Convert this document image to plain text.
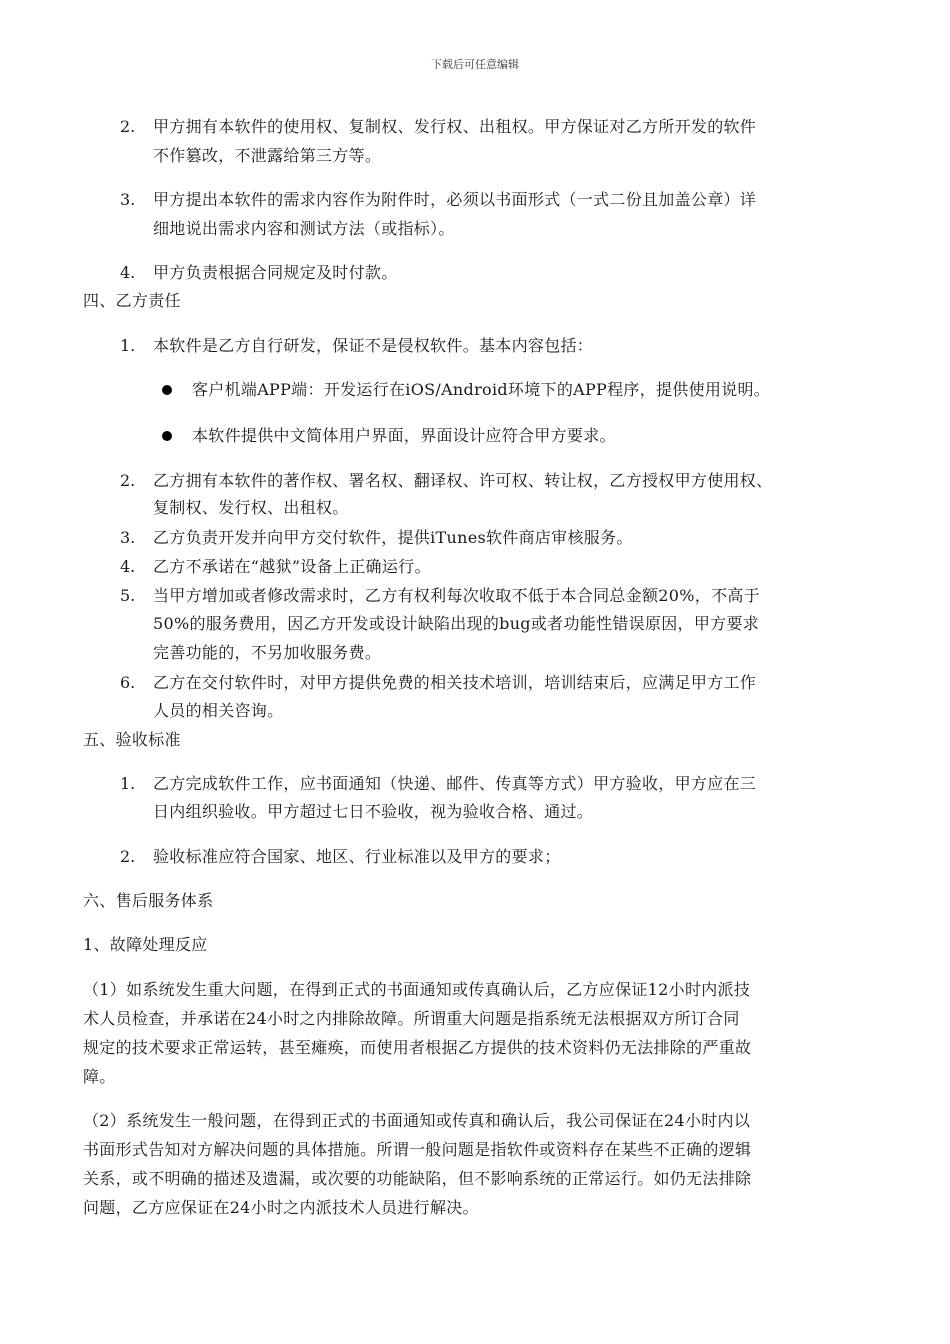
下载后可任意编辑
2. 甲方拥有本软件的使用权、复制权、发行权、出租权。甲方保证对乙方所开发的软件
不作篡改，不泄露给第三方等。
3. 甲方提出本软件的需求内容作为附件时，必须以书面形式（一式二份且加盖公章）详
细地说出需求内容和测试方法（或指标）。
4. 甲方负责根据合同规定及时付款。
四、乙方责任
1. 本软件是乙方自行研发，保证不是侵权软件。基本内容包括：
客户机端APP端：开发运行在iOS/Android环境下的APP程序，提供使用说明。
本软件提供中文简体用户界面，界面设计应符合甲方要求。
2. 乙方拥有本软件的著作权、署名权、翻译权、许可权、转让权，乙方授权甲方使用权、
复制权、发行权、出租权。
3. 乙方负责开发并向甲方交付软件，提供iTunes软件商店审核服务。
4. 乙方不承诺在“越狱”设备上正确运行。
5. 当甲方增加或者修改需求时，乙方有权利每次收取不低于本合同总金额20%，不高于
50%的服务费用，因乙方开发或设计缺陷出现的bug或者功能性错误原因，甲方要求
完善功能的，不另加收服务费。
6. 乙方在交付软件时，对甲方提供免费的相关技术培训，培训结束后，应满足甲方工作
人员的相关咨询。
五、验收标准
1. 乙方完成软件工作，应书面通知（快递、邮件、传真等方式）甲方验收，甲方应在三
日内组织验收。甲方超过七日不验收，视为验收合格、通过。
2. 验收标准应符合国家、地区、行业标准以及甲方的要求；
六、售后服务体系
1、故障处理反应
（1）如系统发生重大问题，在得到正式的书面通知或传真确认后，乙方应保证12小时内派技
术人员检查，并承诺在24小时之内排除故障。所谓重大问题是指系统无法根据双方所订合同
规定的技术要求正常运转，甚至瘫痪，而使用者根据乙方提供的技术资料仍无法排除的严重故
障。
（2）系统发生一般问题，在得到正式的书面通知或传真和确认后，我公司保证在24小时内以
书面形式告知对方解决问题的具体措施。所谓一般问题是指软件或资料存在某些不正确的逻辑
关系，或不明确的描述及遗漏，或次要的功能缺陷，但不影响系统的正常运行。如仍无法排除
问题，乙方应保证在24小时之内派技术人员进行解决。
